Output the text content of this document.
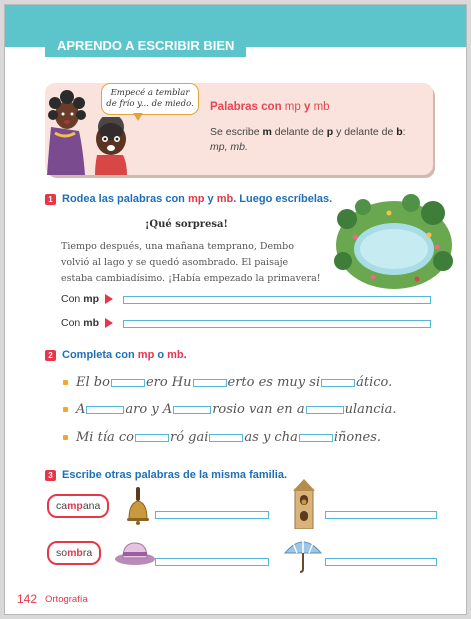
APRENDO A ESCRIBIR BIEN
Empecé a temblar
de frío y... de miedo.	Palabras con mp y mb
Se escribe m delante de p y delante de b:
mp, mb.
1 Rodea las palabras con
mp y mb . Luego escríbelas.
¡Qué sorpresa!
Tiempo después, una mañana temprano, Dembo
volvió al lago y se quedó asombrado. El paisaje
estaba cambiadísimo. ¡Había empezado la primavera!
Con mp
Con mb
2 Completa con mp o mb .
El bo	ero Hu	erto es muy si	ático.
A	aro y A	rosio van en a	ulancia.
Mi tía co	ró gai	as y cha	iñones.
3 Escribe otras palabras de la misma familia.
campana
sombra
142 Ortografía
